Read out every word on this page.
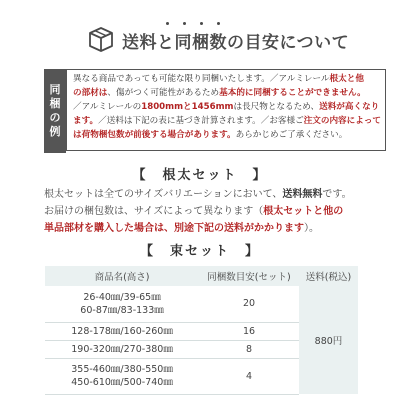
送料と同梱数の目安について
同
梱
の
例
異なる商品であっても可能な限り同梱いたします。／アルミレール根太と他
の部材は、傷がつく可能性があるため基本的に同梱することができません。
／アルミレールの1800mmと1456mmは長尺物となるため、送料が高くなり
ます。／送料は下記の表に基づき計算されます。／お客様ご注文の内容によって
は荷物梱包数が前後する場合があります。あらかじめご了承ください。
【　根太セット　】
根太セットは全てのサイズバリエーションにおいて、送料無料です。
お届けの梱包数は、サイズによって異なります（根太セットと他の
単品部材を購入した場合は、別途下記の送料がかかります）。
【　束セット　】
商品名(高さ)	同梱数目安(セット)	送料(税込)

26-40㎜/39-65㎜
60-87㎜/83-133㎜	20	880円

128-178㎜/160-260㎜	16	

190-320㎜/270-380㎜	8	

355-460㎜/380-550㎜
450-610㎜/500-740㎜	4	
